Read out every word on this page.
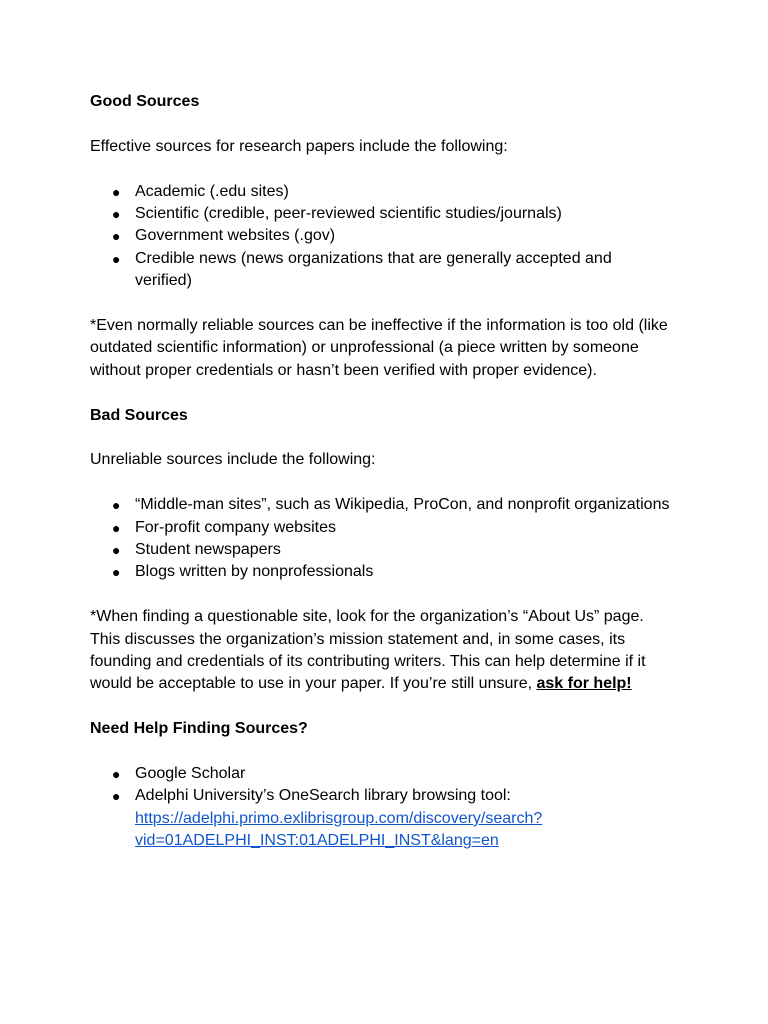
Good Sources
Effective sources for research papers include the following:
● Academic (.edu sites)
● Scientific (credible, peer-reviewed scientific studies/journals)
● Government websites (.gov)
● Credible news (news organizations that are generally accepted and verified)
*Even normally reliable sources can be ineffective if the information is too old (like outdated scientific information) or unprofessional (a piece written by someone without proper credentials or hasn’t been verified with proper evidence).
Bad Sources
Unreliable sources include the following:
● “Middle-man sites”, such as Wikipedia, ProCon, and nonprofit organizations
● For-profit company websites
● Student newspapers
● Blogs written by nonprofessionals
*When finding a questionable site, look for the organization’s “About Us” page. This discusses the organization’s mission statement and, in some cases, its founding and credentials of its contributing writers. This can help determine if it would be acceptable to use in your paper. If you’re still unsure, ask for help!
Need Help Finding Sources?
● Google Scholar
● Adelphi University’s OneSearch library browsing tool:
https://adelphi.primo.exlibrisgroup.com/discovery/search?
vid=01ADELPHI_INST:01ADELPHI_INST&lang=en
